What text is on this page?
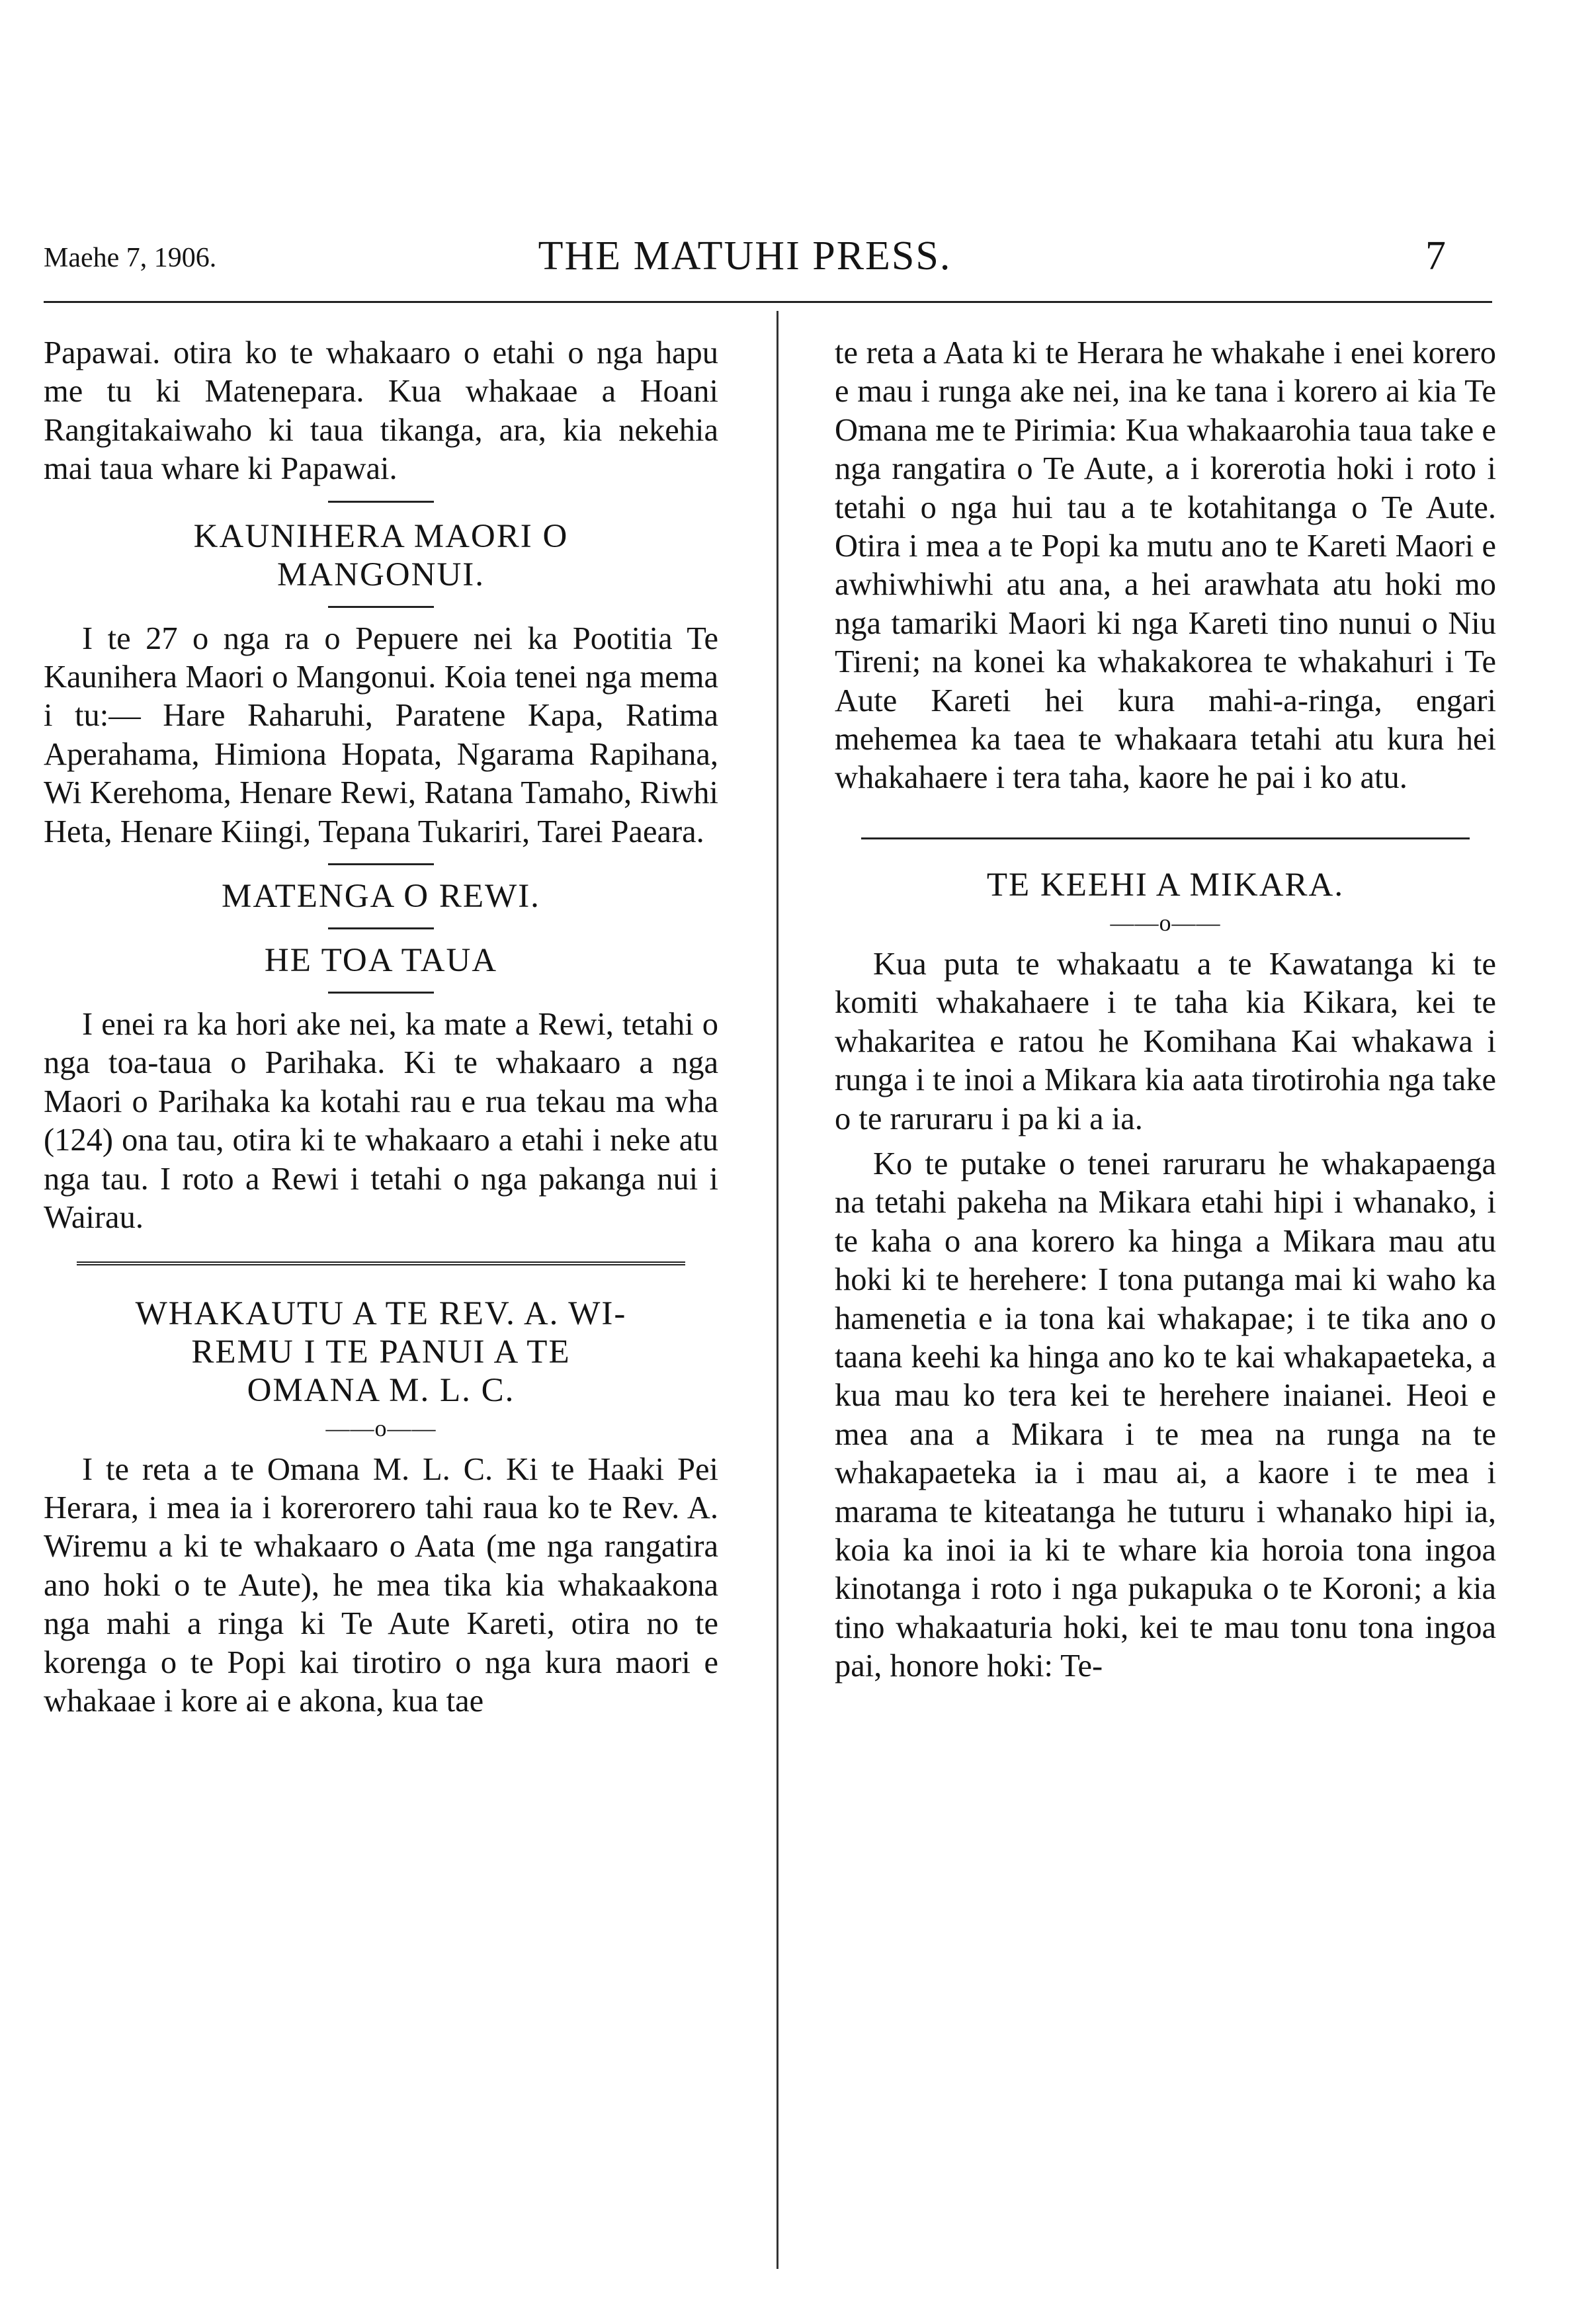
Maehe 7, 1906.	THE MATUHI PRESS.	7

Papawai. otira ko te whakaaro o etahi o nga hapu me tu ki Matenepara. Kua whakaae a Hoani Rangitakaiwaho ki taua tikanga, ara, kia nekehia mai taua whare ki Papawai.

KAUNIHERA MAORI O
MANGONUI.

I te 27 o nga ra o Pepuere nei ka Pootitia Te Kaunihera Maori o Mangonui. Koia tenei nga mema i tu:— Hare Raharuhi, Paratene Kapa, Ratima Aperahama, Himiona Hopata, Ngarama Rapihana, Wi Kerehoma, Henare Rewi, Ratana Tamaho, Riwhi Heta, Henare Kiingi, Tepana Tukariri, Tarei Paeara.

MATENGA O REWI.
HE TOA TAUA

I enei ra ka hori ake nei, ka mate a Rewi, tetahi o nga toa-taua o Parihaka. Ki te whakaaro a nga Maori o Parihaka ka kotahi rau e rua tekau ma wha (124) ona tau, otira ki te whakaaro a etahi i neke atu nga tau. I roto a Rewi i tetahi o nga pakanga nui i Wairau.

WHAKAUTU A TE REV. A. WI-
REMU I TE PANUI A TE
OMANA M. L. C.
——o——

I te reta a te Omana M. L. C. Ki te Haaki Pei Herara, i mea ia i korerorero tahi raua ko te Rev. A. Wiremu a ki te whakaaro o Aata (me nga rangatira ano hoki o te Aute), he mea tika kia whakaakona nga mahi a ringa ki Te Aute Kareti, otira no te korenga o te Popi kai tirotiro o nga kura maori e whakaae i kore ai e akona, kua tae

te reta a Aata ki te Herara he whakahe i enei korero e mau i runga ake nei, ina ke tana i korero ai kia Te Omana me te Pirimia: Kua whakaarohia taua take e nga rangatira o Te Aute, a i korerotia hoki i roto i tetahi o nga hui tau a te kotahitanga o Te Aute. Otira i mea a te Popi ka mutu ano te Kareti Maori e awhiwhiwhi atu ana, a hei arawhata atu hoki mo nga tamariki Maori ki nga Kareti tino nunui o Niu Tireni; na konei ka whakakorea te whakahuri i Te Aute Kareti hei kura mahi-a-ringa, engari mehemea ka taea te whakaara tetahi atu kura hei whakahaere i tera taha, kaore he pai i ko atu.

TE KEEHI A MIKARA.
——o——

Kua puta te whakaatu a te Kawatanga ki te komiti whakahaere i te taha kia Kikara, kei te whakaritea e ratou he Komihana Kai whakawa i runga i te inoi a Mikara kia aata tirotirohia nga take o te raruraru i pa ki a ia.

Ko te putake o tenei raruraru he whakapaenga na tetahi pakeha na Mikara etahi hipi i whanako, i te kaha o ana korero ka hinga a Mikara mau atu hoki ki te herehere: I tona putanga mai ki waho ka hamenetia e ia tona kai whakapae; i te tika ano o taana keehi ka hinga ano ko te kai whakapaeteka, a kua mau ko tera kei te herehere inaianei. Heoi e mea ana a Mikara i te mea na runga na te whakapaeteka ia i mau ai, a kaore i te mea i marama te kiteatanga he tuturu i whanako hipi ia, koia ka inoi ia ki te whare kia horoia tona ingoa kinotanga i roto i nga pukapuka o te Koroni; a kia tino whakaaturia hoki, kei te mau tonu tona ingoa pai, honore hoki: Te-
